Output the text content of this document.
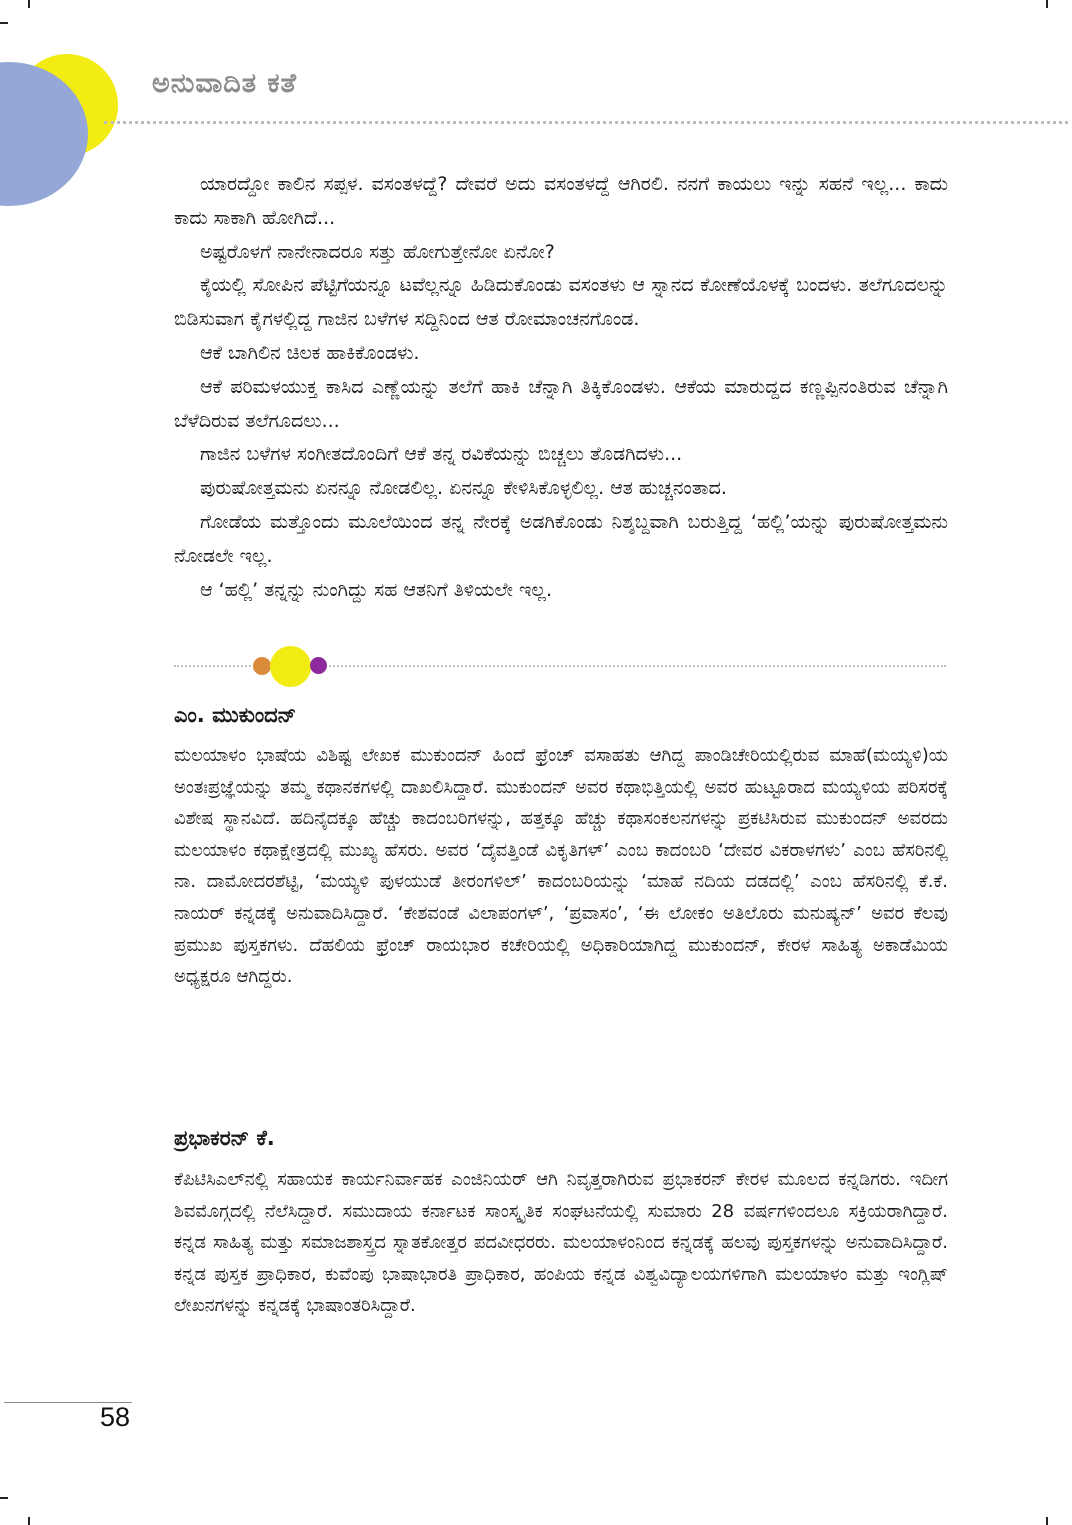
ಅನುವಾದಿತ ಕತೆ

ಯಾರದ್ದೋ ಕಾಲಿನ ಸಪ್ಪಳ. ವಸಂತಳದ್ದೆ? ದೇವರೆ ಅದು ವಸಂತಳದ್ದೆ ಆಗಿರಲಿ. ನನಗೆ ಕಾಯಲು ಇನ್ನು ಸಹನೆ ಇಲ್ಲ... ಕಾದು ಕಾದು ಸಾಕಾಗಿ ಹೋಗಿದೆ...

ಅಷ್ಟರೊಳಗೆ ನಾನೇನಾದರೂ ಸತ್ತು ಹೋಗುತ್ತೇನೋ ಏನೋ?

ಕೈಯಲ್ಲಿ ಸೋಪಿನ ಪೆಟ್ಟಿಗೆಯನ್ನೂ ಟವೆಲ್ಲನ್ನೂ ಹಿಡಿದುಕೊಂಡು ವಸಂತಳು ಆ ಸ್ನಾನದ ಕೋಣೆಯೊಳಕ್ಕೆ ಬಂದಳು. ತಲೆಗೂದಲನ್ನು ಬಿಡಿಸುವಾಗ ಕೈಗಳಲ್ಲಿದ್ದ ಗಾಜಿನ ಬಳೆಗಳ ಸದ್ದಿನಿಂದ ಆತ ರೋಮಾಂಚನಗೊಂಡ.

ಆಕೆ ಬಾಗಿಲಿನ ಚಿಲಕ ಹಾಕಿಕೊಂಡಳು.

ಆಕೆ ಪರಿಮಳಯುಕ್ತ ಕಾಸಿದ ಎಣ್ಣೆಯನ್ನು ತಲೆಗೆ ಹಾಕಿ ಚೆನ್ನಾಗಿ ತಿಕ್ಕಿಕೊಂಡಳು. ಆಕೆಯ ಮಾರುದ್ದದ ಕಣ್ಣಪ್ಪಿನಂತಿರುವ ಚೆನ್ನಾಗಿ ಬೆಳೆದಿರುವ ತಲೆಗೂದಲು...

ಗಾಜಿನ ಬಳೆಗಳ ಸಂಗೀತದೊಂದಿಗೆ ಆಕೆ ತನ್ನ ರವಿಕೆಯನ್ನು ಬಿಚ್ಚಲು ತೊಡಗಿದಳು...

ಪುರುಷೋತ್ತಮನು ಏನನ್ನೂ ನೋಡಲಿಲ್ಲ. ಏನನ್ನೂ ಕೇಳಿಸಿಕೊಳ್ಳಲಿಲ್ಲ. ಆತ ಹುಚ್ಚನಂತಾದ.

ಗೋಡೆಯ ಮತ್ತೊಂದು ಮೂಲೆಯಿಂದ ತನ್ನ ನೇರಕ್ಕೆ ಅಡಗಿಕೊಂಡು ನಿಶ್ಶಬ್ದವಾಗಿ ಬರುತ್ತಿದ್ದ ‘ಹಲ್ಲಿ’ಯನ್ನು ಪುರುಷೋತ್ತಮನು ನೋಡಲೇ ಇಲ್ಲ.

ಆ ‘ಹಲ್ಲಿ’ ತನ್ನನ್ನು ನುಂಗಿದ್ದು ಸಹ ಆತನಿಗೆ ತಿಳಿಯಲೇ ಇಲ್ಲ.

ಎಂ. ಮುಕುಂದನ್

ಮಲಯಾಳಂ ಭಾಷೆಯ ವಿಶಿಷ್ಟ ಲೇಖಕ ಮುಕುಂದನ್ ಹಿಂದೆ ಫ್ರೆಂಚ್ ವಸಾಹತು ಆಗಿದ್ದ ಪಾಂಡಿಚೇರಿಯಲ್ಲಿರುವ ಮಾಹೆ(ಮಯ್ಯಳಿ)ಯ ಅಂತಃಪ್ರಜ್ಞೆಯನ್ನು ತಮ್ಮ ಕಥಾನಕಗಳಲ್ಲಿ ದಾಖಲಿಸಿದ್ದಾರೆ. ಮುಕುಂದನ್ ಅವರ ಕಥಾಭಿತ್ತಿಯಲ್ಲಿ ಅವರ ಹುಟ್ಟೂರಾದ ಮಯ್ಯಳಿಯ ಪರಿಸರಕ್ಕೆ ವಿಶೇಷ ಸ್ಥಾನವಿದೆ. ಹದಿನೈದಕ್ಕೂ ಹೆಚ್ಚು ಕಾದಂಬರಿಗಳನ್ನು, ಹತ್ತಕ್ಕೂ ಹೆಚ್ಚು ಕಥಾಸಂಕಲನಗಳನ್ನು ಪ್ರಕಟಿಸಿರುವ ಮುಕುಂದನ್ ಅವರದು ಮಲಯಾಳಂ ಕಥಾಕ್ಷೇತ್ರದಲ್ಲಿ ಮುಖ್ಯ ಹೆಸರು. ಅವರ ‘ದೈವತ್ತಿಂಡೆ ವಿಕೃತಿಗಳ್’ ಎಂಬ ಕಾದಂಬರಿ ‘ದೇವರ ವಿಕರಾಳಗಳು’ ಎಂಬ ಹೆಸರಿನಲ್ಲಿ ನಾ. ದಾಮೋದರಶೆಟ್ಟಿ, ‘ಮಯ್ಯಳಿ ಪುಳಯುಡೆ ತೀರಂಗಳಿಲ್’ ಕಾದಂಬರಿಯನ್ನು ‘ಮಾಹೆ ನದಿಯ ದಡದಲ್ಲಿ’ ಎಂಬ ಹೆಸರಿನಲ್ಲಿ ಕೆ.ಕೆ. ನಾಯರ್ ಕನ್ನಡಕ್ಕೆ ಅನುವಾದಿಸಿದ್ದಾರೆ. ‘ಕೇಶವಂಡೆ ವಿಲಾಪಂಗಳ್’, ‘ಪ್ರವಾಸಂ’, ‘ಈ ಲೋಕಂ ಅತಿಲೊರು ಮನುಷ್ಯನ್’ ಅವರ ಕೆಲವು ಪ್ರಮುಖ ಪುಸ್ತಕಗಳು. ದೆಹಲಿಯ ಫ್ರೆಂಚ್ ರಾಯಭಾರ ಕಚೇರಿಯಲ್ಲಿ ಅಧಿಕಾರಿಯಾಗಿದ್ದ ಮುಕುಂದನ್, ಕೇರಳ ಸಾಹಿತ್ಯ ಅಕಾಡೆಮಿಯ ಅಧ್ಯಕ್ಷರೂ ಆಗಿದ್ದರು.

ಪ್ರಭಾಕರನ್ ಕೆ.

ಕೆಪಿಟಿಸಿಎಲ್‌ನಲ್ಲಿ ಸಹಾಯಕ ಕಾರ್ಯನಿರ್ವಾಹಕ ಎಂಜಿನಿಯರ್ ಆಗಿ ನಿವೃತ್ತರಾಗಿರುವ ಪ್ರಭಾಕರನ್ ಕೇರಳ ಮೂಲದ ಕನ್ನಡಿಗರು. ಇದೀಗ ಶಿವಮೊಗ್ಗದಲ್ಲಿ ನೆಲೆಸಿದ್ದಾರೆ. ಸಮುದಾಯ ಕರ್ನಾಟಕ ಸಾಂಸ್ಕೃತಿಕ ಸಂಘಟನೆಯಲ್ಲಿ ಸುಮಾರು 28 ವರ್ಷಗಳಿಂದಲೂ ಸಕ್ರಿಯರಾಗಿದ್ದಾರೆ. ಕನ್ನಡ ಸಾಹಿತ್ಯ ಮತ್ತು ಸಮಾಜಶಾಸ್ತ್ರದ ಸ್ನಾತಕೋತ್ತರ ಪದವೀಧರರು. ಮಲಯಾಳಂನಿಂದ ಕನ್ನಡಕ್ಕೆ ಹಲವು ಪುಸ್ತಕಗಳನ್ನು ಅನುವಾದಿಸಿದ್ದಾರೆ. ಕನ್ನಡ ಪುಸ್ತಕ ಪ್ರಾಧಿಕಾರ, ಕುವೆಂಪು ಭಾಷಾಭಾರತಿ ಪ್ರಾಧಿಕಾರ, ಹಂಪಿಯ ಕನ್ನಡ ವಿಶ್ವವಿದ್ಯಾಲಯಗಳಿಗಾಗಿ ಮಲಯಾಳಂ ಮತ್ತು ಇಂಗ್ಲಿಷ್ ಲೇಖನಗಳನ್ನು ಕನ್ನಡಕ್ಕೆ ಭಾಷಾಂತರಿಸಿದ್ದಾರೆ.

58
